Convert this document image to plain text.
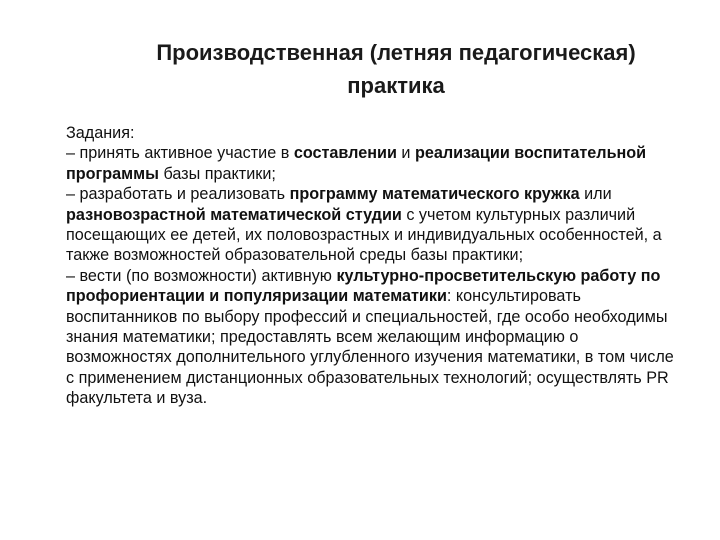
Производственная (летняя педагогическая)
практика

Задания:

– принять активное участие в составлении и реализации воспитательной программы базы практики;

– разработать и реализовать программу математического кружка или разновозрастной математической студии с учетом культурных различий посещающих ее детей, их половозрастных и индивидуальных особенностей, а также возможностей образовательной среды базы практики;

– вести (по возможности) активную культурно-просветительскую работу по профориентации и популяризации математики: консультировать воспитанников по выбору профессий и специальностей, где особо необходимы знания математики; предоставлять всем желающим информацию о возможностях дополнительного углубленного изучения математики, в том числе с применением дистанционных образовательных технологий; осуществлять PR факультета и вуза.
